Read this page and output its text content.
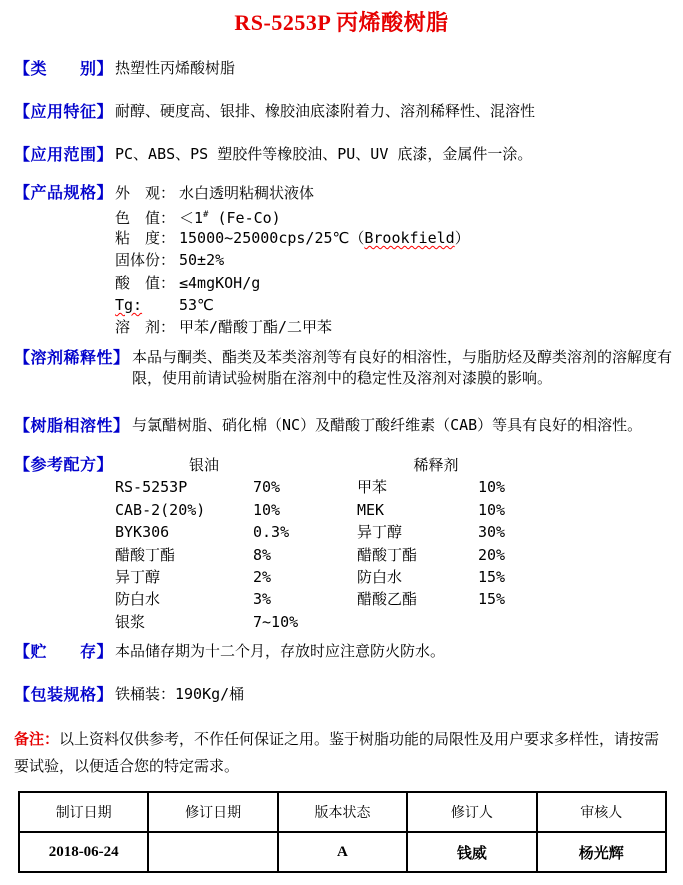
RS-5253P 丙烯酸树脂
【类　　别】 热塑性丙烯酸树脂
【应用特征】 耐醇、硬度高、银排、橡胶油底漆附着力、溶剂稀释性、混溶性
【应用范围】 PC、ABS、PS 塑胶件等橡胶油、PU、UV 底漆，金属件一涂。
【产品规格】 外　观： 水白透明粘稠状液体
色　值： ＜1# (Fe-Co)
粘　度： 15000~25000cps/25℃（Brookfield）
固体份： 50±2%
酸　值： ≤4mgKOH/g
Tg: 53℃
溶　剂： 甲苯/醋酸丁酯/二甲苯
【溶剂稀释性】 本品与酮类、酯类及苯类溶剂等有良好的相溶性，与脂肪烃及醇类溶剂的溶解度有限，使用前请试验树脂在溶剂中的稳定性及溶剂对漆膜的影响。
【树脂相溶性】 与氯醋树脂、硝化棉（NC）及醋酸丁酸纤维素（CAB）等具有良好的相溶性。
【参考配方】	银油
RS-5253P	70%
CAB-2(20%)	10%
BYK306	0.3%
醋酸丁酯	8%
异丁醇	2%
防白水	3%
银浆	7~10%
稀释剂
甲苯	10%
MEK	10%
异丁醇	30%
醋酸丁酯	20%
防白水	15%
醋酸乙酯	15%
【贮　　存】 本品储存期为十二个月，存放时应注意防火防水。
【包装规格】 铁桶装：190Kg/桶
备注：以上资料仅供参考，不作任何保证之用。鉴于树脂功能的局限性及用户要求多样性，请按需要试验，以便适合您的特定需求。
制订日期	修订日期	版本状态	修订人	审核人
2018-06-24		A	钱威	杨光辉
